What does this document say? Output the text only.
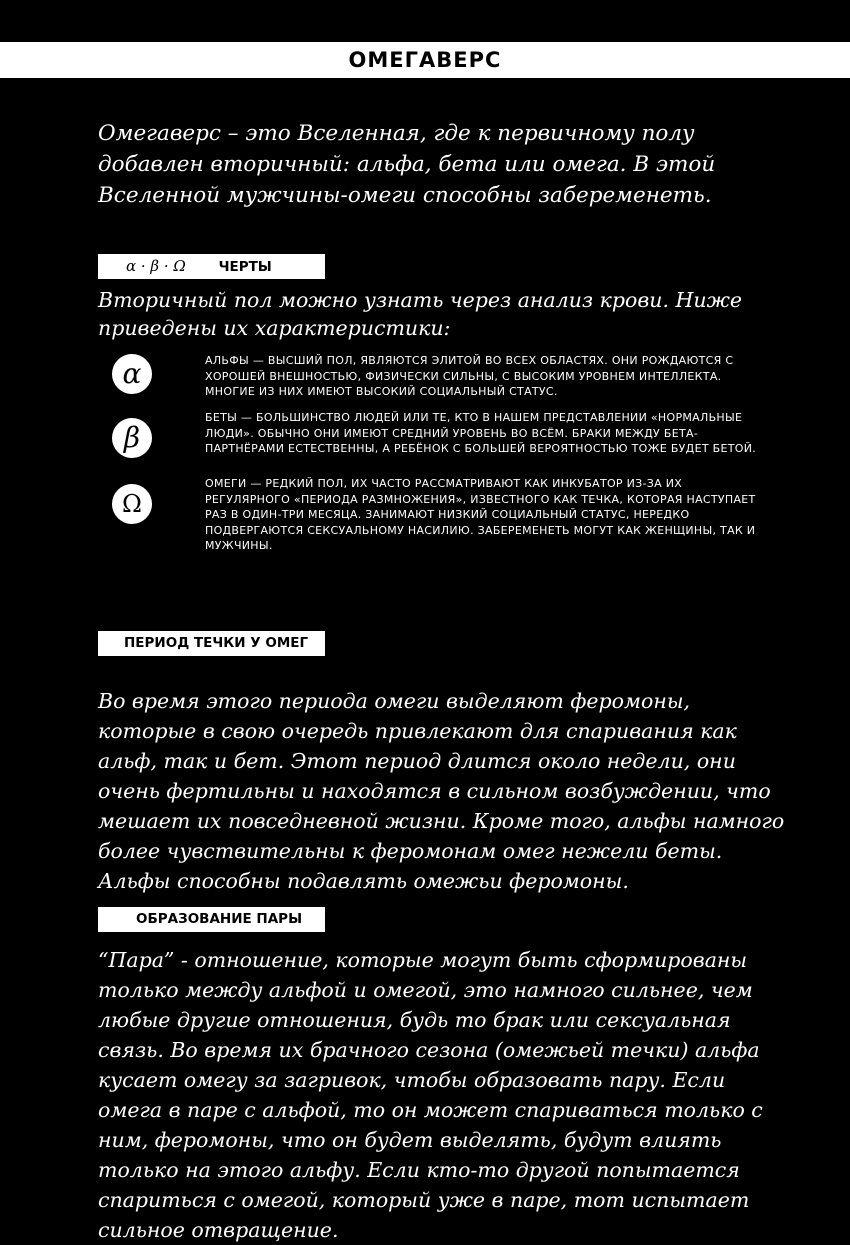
ОМЕГАВЕРС
Омегаверс – это Вселенная, где к первичному полу добавлен вторичный: альфа, бета или омега. В этой Вселенной мужчины-омеги способны забеременеть.
α · β · Ω ЧЕРТЫ
Вторичный пол можно узнать через анализ крови. Ниже приведены их характеристики:
α	АЛЬФЫ — ВЫСШИЙ ПОЛ, ЯВЛЯЮТСЯ ЭЛИТОЙ ВО ВСЕХ ОБЛАСТЯХ. ОНИ РОЖДАЮТСЯ С ХОРОШЕЙ ВНЕШНОСТЬЮ, ФИЗИЧЕСКИ СИЛЬНЫ, С ВЫСОКИМ УРОВНЕМ ИНТЕЛЛЕКТА. МНОГИЕ ИЗ НИХ ИМЕЮТ ВЫСОКИЙ СОЦИАЛЬНЫЙ СТАТУС.
β
БЕТЫ — БОЛЬШИНСТВО ЛЮДЕЙ ИЛИ ТЕ, КТО В НАШЕМ ПРЕДСТАВЛЕНИИ «НОРМАЛЬНЫЕ ЛЮДИ». ОБЫЧНО ОНИ ИМЕЮТ СРЕДНИЙ УРОВЕНЬ ВО ВСЁМ. БРАКИ МЕЖДУ БЕТА-ПАРТНЁРАМИ ЕСТЕСТВЕННЫ, А РЕБЁНОК С БОЛЬШЕЙ ВЕРОЯТНОСТЬЮ ТОЖЕ БУДЕТ БЕТОЙ.
Ω
ОМЕГИ — РЕДКИЙ ПОЛ, ИХ ЧАСТО РАССМАТРИВАЮТ КАК ИНКУБАТОР ИЗ-ЗА ИХ РЕГУЛЯРНОГО «ПЕРИОДА РАЗМНОЖЕНИЯ», ИЗВЕСТНОГО КАК ТЕЧКА, КОТОРАЯ НАСТУПАЕТ РАЗ В ОДИН-ТРИ МЕСЯЦА. ЗАНИМАЮТ НИЗКИЙ СОЦИАЛЬНЫЙ СТАТУС, НЕРЕДКО ПОДВЕРГАЮТСЯ СЕКСУАЛЬНОМУ НАСИЛИЮ. ЗАБЕРЕМЕНЕТЬ МОГУТ КАК ЖЕНЩИНЫ, ТАК И МУЖЧИНЫ.
ПЕРИОД ТЕЧКИ У ОМЕГ
Во время этого периода омеги выделяют феромоны, которые в свою очередь привлекают для спаривания как альф, так и бет. Этот период длится около недели, они очень фертильны и находятся в сильном возбуждении, что мешает их повседневной жизни. Кроме того, альфы намного более чувствительны к феромонам омег нежели беты. Альфы способны подавлять омежьи феромоны.
ОБРАЗОВАНИЕ ПАРЫ
“Пара” - отношение, которые могут быть сформированы только между альфой и омегой, это намного сильнее, чем любые другие отношения, будь то брак или сексуальная связь. Во время их брачного сезона (омежьей течки) альфа кусает омегу за загривок, чтобы образовать пару. Если омега в паре с альфой, то он может спариваться только с ним, феромоны, что он будет выделять, будут влиять только на этого альфу. Если кто-то другой попытается спариться с омегой, который уже в паре, тот испытает сильное отвращение.
